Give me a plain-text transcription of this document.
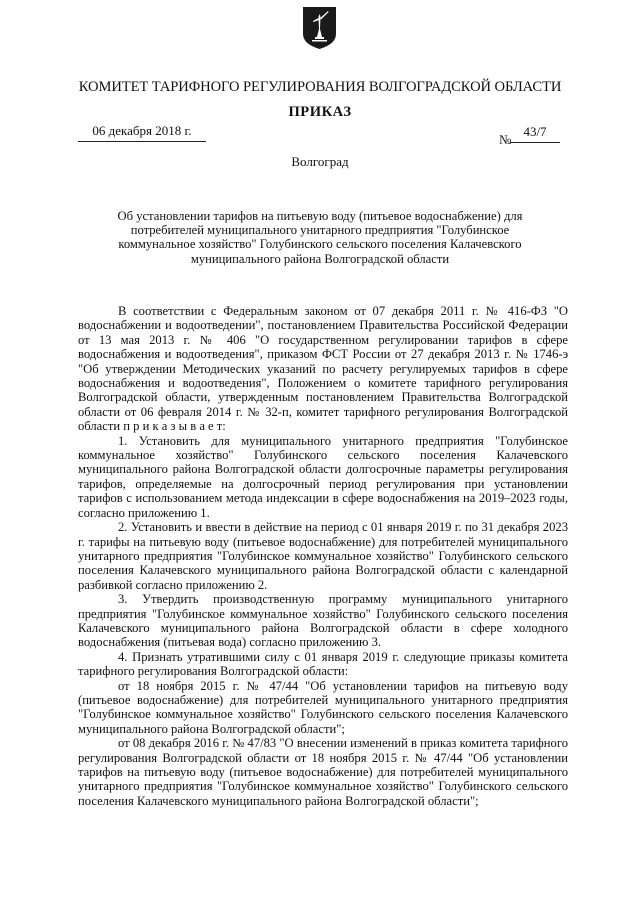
КОМИТЕТ ТАРИФНОГО РЕГУЛИРОВАНИЯ ВОЛГОГРАДСКОЙ ОБЛАСТИ
ПРИКАЗ
06 декабря 2018 г.
№
43/7
Волгоград
Об установлении тарифов на питьевую воду (питьевое водоснабжение) для потребителей муниципального унитарного предприятия "Голубинское коммунальное хозяйство" Голубинского сельского поселения Калачевского муниципального района Волгоградской области

В соответствии с Федеральным законом от 07 декабря 2011 г. № 416-ФЗ "О водоснабжении и водоотведении", постановлением Правительства Российской Федерации от 13 мая 2013 г. № 406 "О государственном регулировании тарифов в сфере водоснабжения и водоотведения", приказом ФСТ России от 27 декабря 2013 г. № 1746-э "Об утверждении Методических указаний по расчету регулируемых тарифов в сфере водоснабжения и водоотведения", Положением о комитете тарифного регулирования Волгоградской области, утвержденным постановлением Правительства Волгоградской области от 06 февраля 2014 г. № 32-п, комитет тарифного регулирования Волгоградской области п р и к а з ы в а е т:

1. Установить для муниципального унитарного предприятия "Голубинское коммунальное хозяйство" Голубинского сельского поселения Калачевского муниципального района Волгоградской области долгосрочные параметры регулирования тарифов, определяемые на долгосрочный период регулирования при установлении тарифов с использованием метода индексации в сфере водоснабжения на 2019–2023 годы, согласно приложению 1.

2. Установить и ввести в действие на период с 01 января 2019 г. по 31 декабря 2023 г. тарифы на питьевую воду (питьевое водоснабжение) для потребителей муниципального унитарного предприятия "Голубинское коммунальное хозяйство" Голубинского сельского поселения Калачевского муниципального района Волгоградской области с календарной разбивкой согласно приложению 2.

3. Утвердить производственную программу муниципального унитарного предприятия "Голубинское коммунальное хозяйство" Голубинского сельского поселения Калачевского муниципального района Волгоградской области в сфере холодного водоснабжения (питьевая вода) согласно приложению 3.

4. Признать утратившими силу с 01 января 2019 г. следующие приказы комитета тарифного регулирования Волгоградской области:

от 18 ноября 2015 г. № 47/44 "Об установлении тарифов на питьевую воду (питьевое водоснабжение) для потребителей муниципального унитарного предприятия "Голубинское коммунальное хозяйство" Голубинского сельского поселения Калачевского муниципального района Волгоградской области";

от 08 декабря 2016 г. № 47/83 "О внесении изменений в приказ комитета тарифного регулирования Волгоградской области от 18 ноября 2015 г. № 47/44 "Об установлении тарифов на питьевую воду (питьевое водоснабжение) для потребителей муниципального унитарного предприятия "Голубинское коммунальное хозяйство" Голубинского сельского поселения Калачевского муниципального района Волгоградской области";
